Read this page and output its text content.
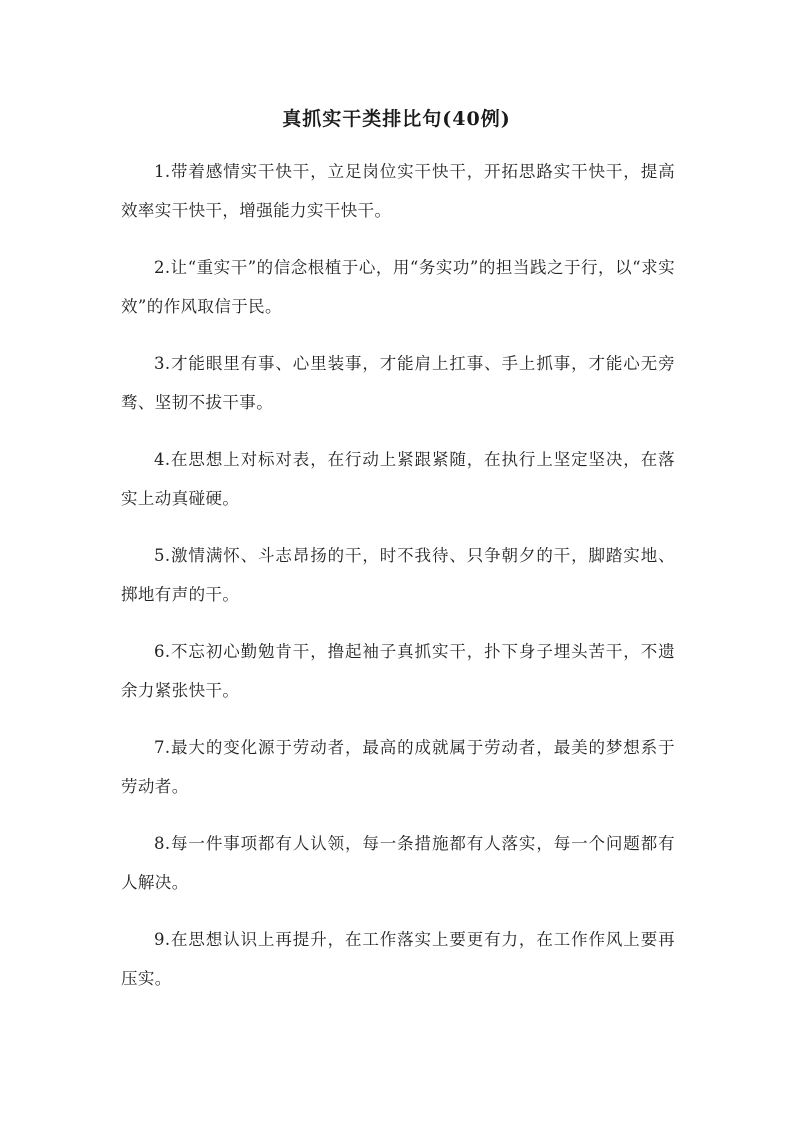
真抓实干类排比句(40例)

1.带着感情实干快干，立足岗位实干快干，开拓思路实干快干，提高效率实干快干，增强能力实干快干。

2.让“重实干”的信念根植于心，用“务实功”的担当践之于行，以“求实效”的作风取信于民。

3.才能眼里有事、心里装事，才能肩上扛事、手上抓事，才能心无旁骛、坚韧不拔干事。

4.在思想上对标对表，在行动上紧跟紧随，在执行上坚定坚决，在落实上动真碰硬。

5.激情满怀、斗志昂扬的干，时不我待、只争朝夕的干，脚踏实地、掷地有声的干。

6.不忘初心勤勉肯干，撸起袖子真抓实干，扑下身子埋头苦干，不遗余力紧张快干。

7.最大的变化源于劳动者，最高的成就属于劳动者，最美的梦想系于劳动者。

8.每一件事项都有人认领，每一条措施都有人落实，每一个问题都有人解决。

9.在思想认识上再提升，在工作落实上要更有力，在工作作风上要再压实。
